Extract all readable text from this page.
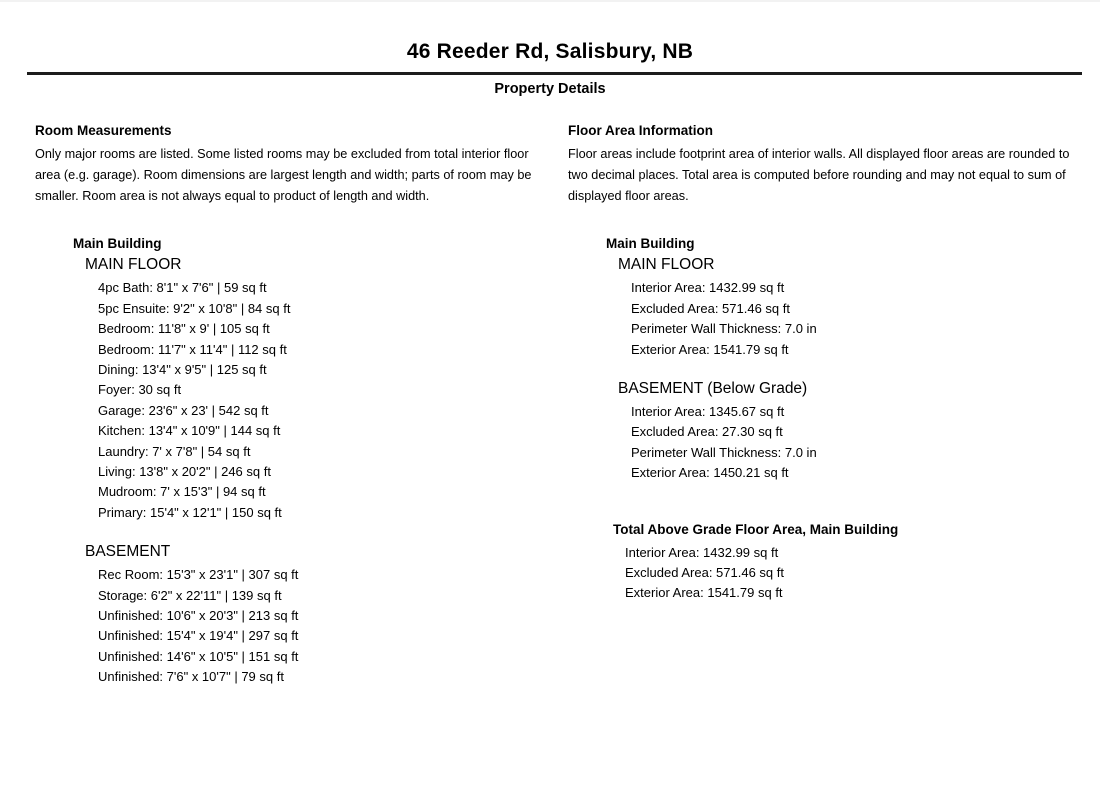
46 Reeder Rd, Salisbury, NB
Property Details
Room Measurements

Only major rooms are listed. Some listed rooms may be excluded from total interior floor area (e.g. garage). Room dimensions are largest length and width; parts of room may be smaller. Room area is not always equal to product of length and width.

Main Building
MAIN FLOOR
4pc Bath: 8'1" x 7'6" | 59 sq ft
5pc Ensuite: 9'2" x 10'8" | 84 sq ft
Bedroom: 11'8" x 9' | 105 sq ft
Bedroom: 11'7" x 11'4" | 112 sq ft
Dining: 13'4" x 9'5" | 125 sq ft
Foyer: 30 sq ft
Garage: 23'6" x 23' | 542 sq ft
Kitchen: 13'4" x 10'9" | 144 sq ft
Laundry: 7' x 7'8" | 54 sq ft
Living: 13'8" x 20'2" | 246 sq ft
Mudroom: 7' x 15'3" | 94 sq ft
Primary: 15'4" x 12'1" | 150 sq ft
BASEMENT
Rec Room: 15'3" x 23'1" | 307 sq ft
Storage: 6'2" x 22'11" | 139 sq ft
Unfinished: 10'6" x 20'3" | 213 sq ft
Unfinished: 15'4" x 19'4" | 297 sq ft
Unfinished: 14'6" x 10'5" | 151 sq ft
Unfinished: 7'6" x 10'7" | 79 sq ft
Floor Area Information

Floor areas include footprint area of interior walls. All displayed floor areas are rounded to two decimal places. Total area is computed before rounding and may not equal to sum of displayed floor areas.

Main Building
MAIN FLOOR
Interior Area: 1432.99 sq ft
Excluded Area: 571.46 sq ft
Perimeter Wall Thickness: 7.0 in
Exterior Area: 1541.79 sq ft
BASEMENT (Below Grade)
Interior Area: 1345.67 sq ft
Excluded Area: 27.30 sq ft
Perimeter Wall Thickness: 7.0 in
Exterior Area: 1450.21 sq ft
Total Above Grade Floor Area, Main Building
Interior Area: 1432.99 sq ft
Excluded Area: 571.46 sq ft
Exterior Area: 1541.79 sq ft
